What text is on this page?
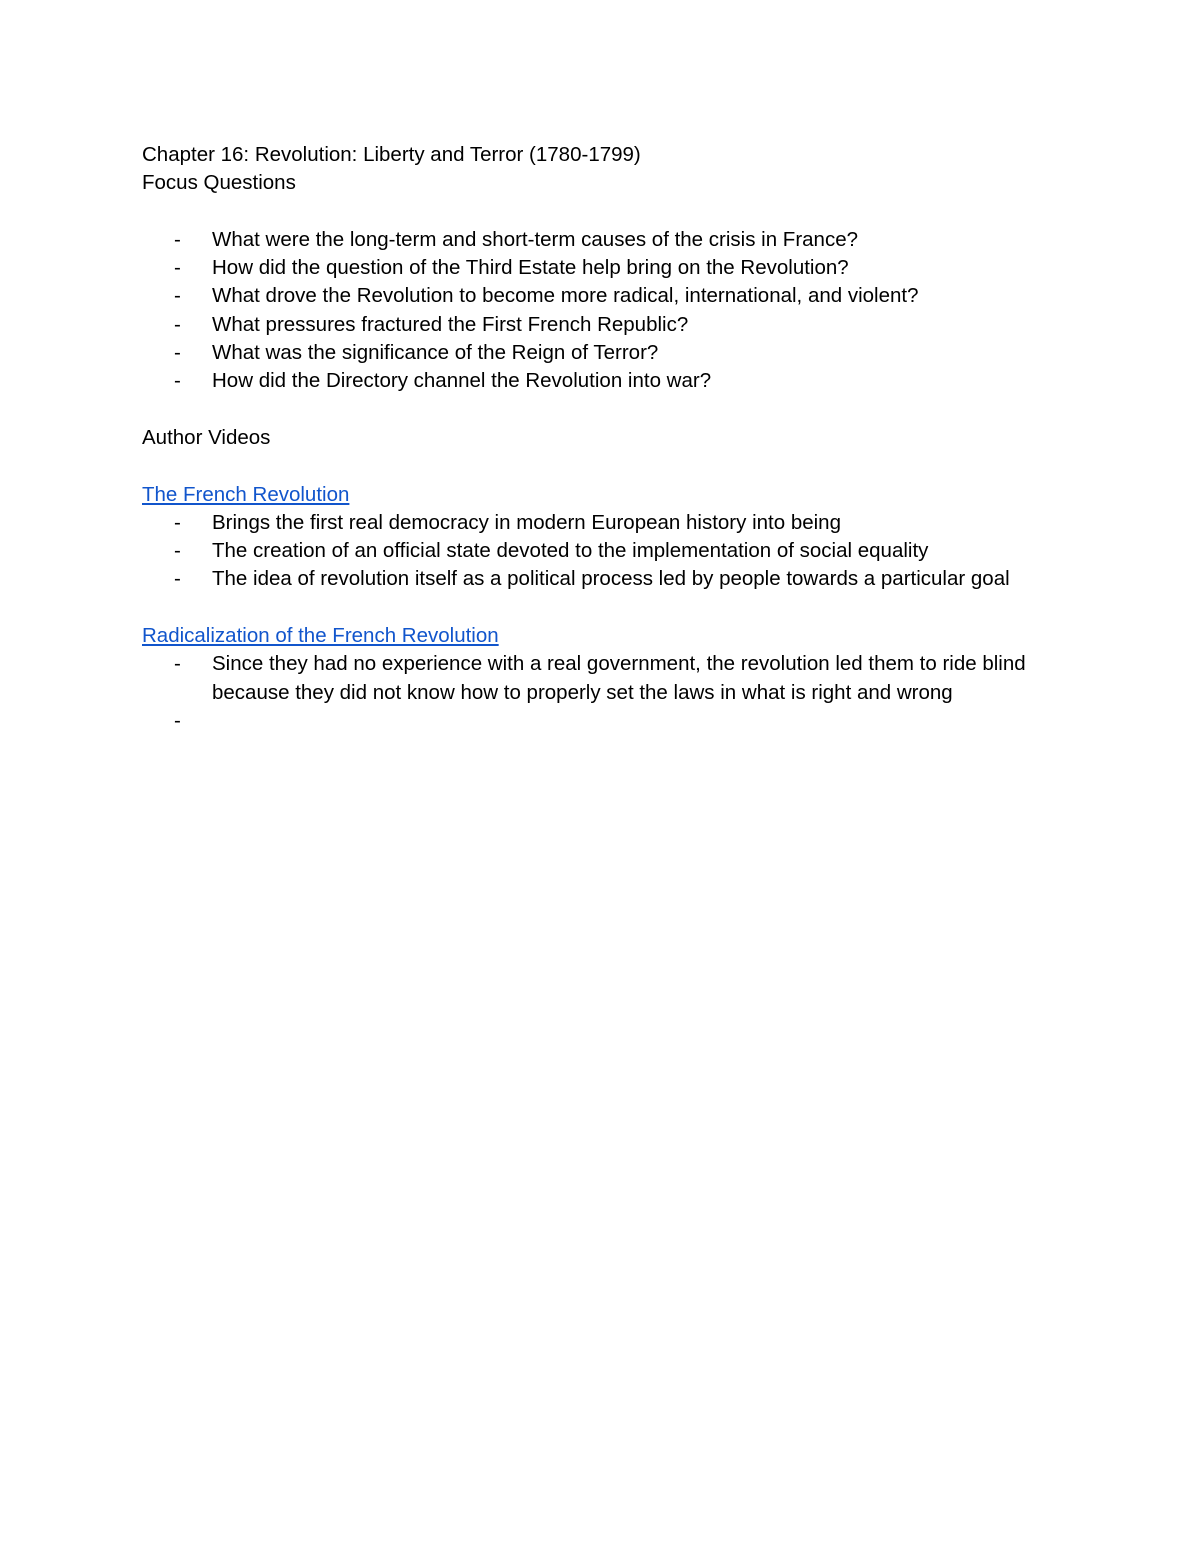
Chapter 16: Revolution: Liberty and Terror (1780-1799)

Focus Questions

- What were the long-term and short-term causes of the crisis in France?
- How did the question of the Third Estate help bring on the Revolution?
- What drove the Revolution to become more radical, international, and violent?
- What pressures fractured the First French Republic?
- What was the significance of the Reign of Terror?
- How did the Directory channel the Revolution into war?

Author Videos

The French Revolution

- Brings the first real democracy in modern European history into being
- The creation of an official state devoted to the implementation of social equality
- The idea of revolution itself as a political process led by people towards a particular goal

Radicalization of the French Revolution

- Since they had no experience with a real government, the revolution led them to ride blind because they did not know how to properly set the laws in what is right and wrong
-
